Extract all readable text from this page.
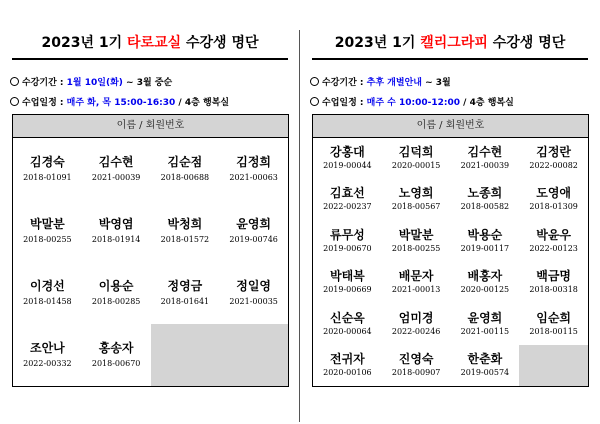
2023년 1기 타로교실 수강생 명단
수강기간 : 1월 10일(화) ~ 3월 중순
수업일정 : 매주 화, 목 15:00-16:30 / 4층 행복실
이름 / 회원번호
김경숙
2018-01091
김수현
2021-00039
김순점
2018-00688
김정희
2021-00063
박말분
2018-00255
박영염
2018-01914
박청희
2018-01572
윤영희
2019-00746
이경선
2018-01458
이용순
2018-00285
정영금
2018-01641
정일영
2021-00035
조안나
2022-00332
홍송자
2018-00670
2023년 1기 캘리그라피 수강생 명단
수강기간 : 추후 개별안내 ~ 3월
수업일정 : 매주 수 10:00-12:00 / 4층 행복실
이름 / 회원번호
강홍대
2019-00044
김덕희
2020-00015
김수현
2021-00039
김정란
2022-00082
김효선
2022-00237
노영희
2018-00567
노종희
2018-00582
도영애
2018-01309
류무성
2019-00670
박말분
2018-00255
박용순
2019-00117
박윤우
2022-00123
박태복
2019-00669
배문자
2021-00013
배홍자
2020-00125
백금명
2018-00318
신순옥
2020-00064
엄미경
2022-00246
윤영희
2021-00115
임순희
2018-00115
전귀자
2020-00106
진영숙
2018-00907
한춘화
2019-00574
